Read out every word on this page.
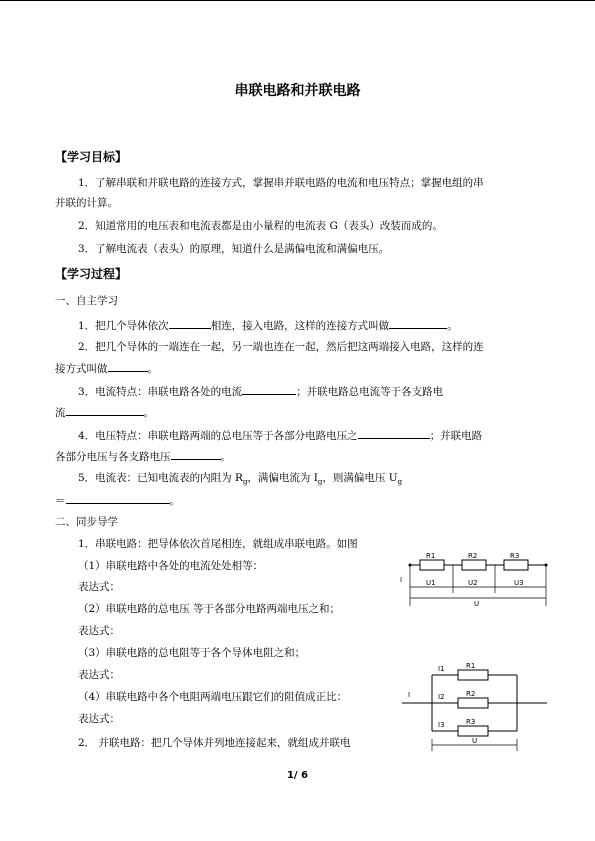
串联电路和并联电路
【学习目标】
1．了解串联和并联电路的连接方式，掌握串并联电路的电流和电压特点；掌握电组的串
并联的计算。
2．知道常用的电压表和电流表都是由小量程的电流表 G（表头）改装而成的。
3．了解电流表（表头）的原理，知道什么是满偏电流和满偏电压。
【学习过程】
一、自主学习
1．把几个导体依次	相连，接入电路，这样的连接方式叫做	。
2．把几个导体的一端连在一起，另一端也连在一起，然后把这两端接入电路，这样的连
接方式叫做	。
3．电流特点：串联电路各处的电流	；并联电路总电流等于各支路电
流	。
4．电压特点：串联电路两端的总电压等于各部分电路电压之	；并联电路
各部分电压与各支路电压	。
5．电流表：已知电流表的内阻为 $R_g$，满偏电流为 $I_g$，则满偏电压 $U_g$
＝	。
二、同步导学
1．串联电路：把导体依次首尾相连，就组成串联电路。如图
（1）串联电路中各处的电流处处相等：
表达式：
（2）串联电路的总电压 等于各部分电路两端电压之和；
表达式：
（3）串联电路的总电阻等于各个导体电阻之和；
表达式：
（4）串联电路中各个电阻两端电压跟它们的阻值成正比：
表达式：
2． 并联电路：把几个导体并列地连接起来，就组成并联电
R1	R2	R3
I	U1	U2	U3
U
I
R1
R2
R3
I1
I2
I3
U
1/ 6
